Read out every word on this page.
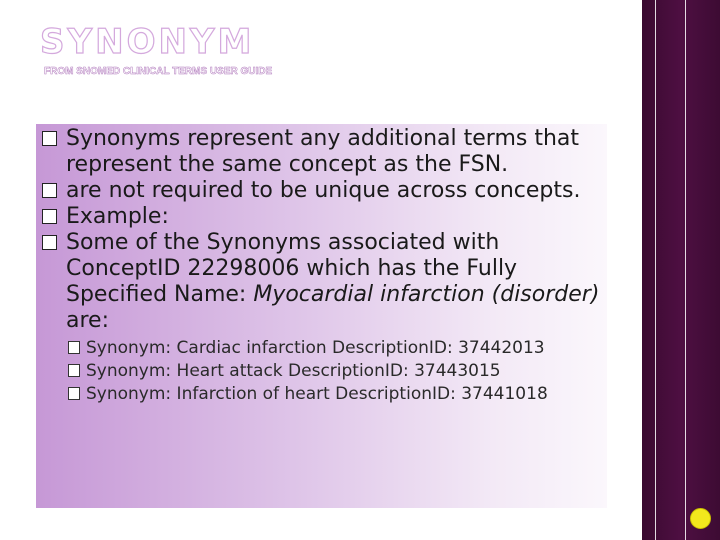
SYNONYM
FROM SNOMED CLINICAL TERMS USER GUIDE
Synonyms represent any additional terms that represent the same concept as the FSN.
are not required to be unique across concepts.
Example:
Some of the Synonyms associated with ConceptID 22298006 which has the Fully Specified Name: Myocardial infarction (disorder) are:
Synonym: Cardiac infarction DescriptionID: 37442013
Synonym: Heart attack DescriptionID: 37443015
Synonym: Infarction of heart DescriptionID: 37441018
